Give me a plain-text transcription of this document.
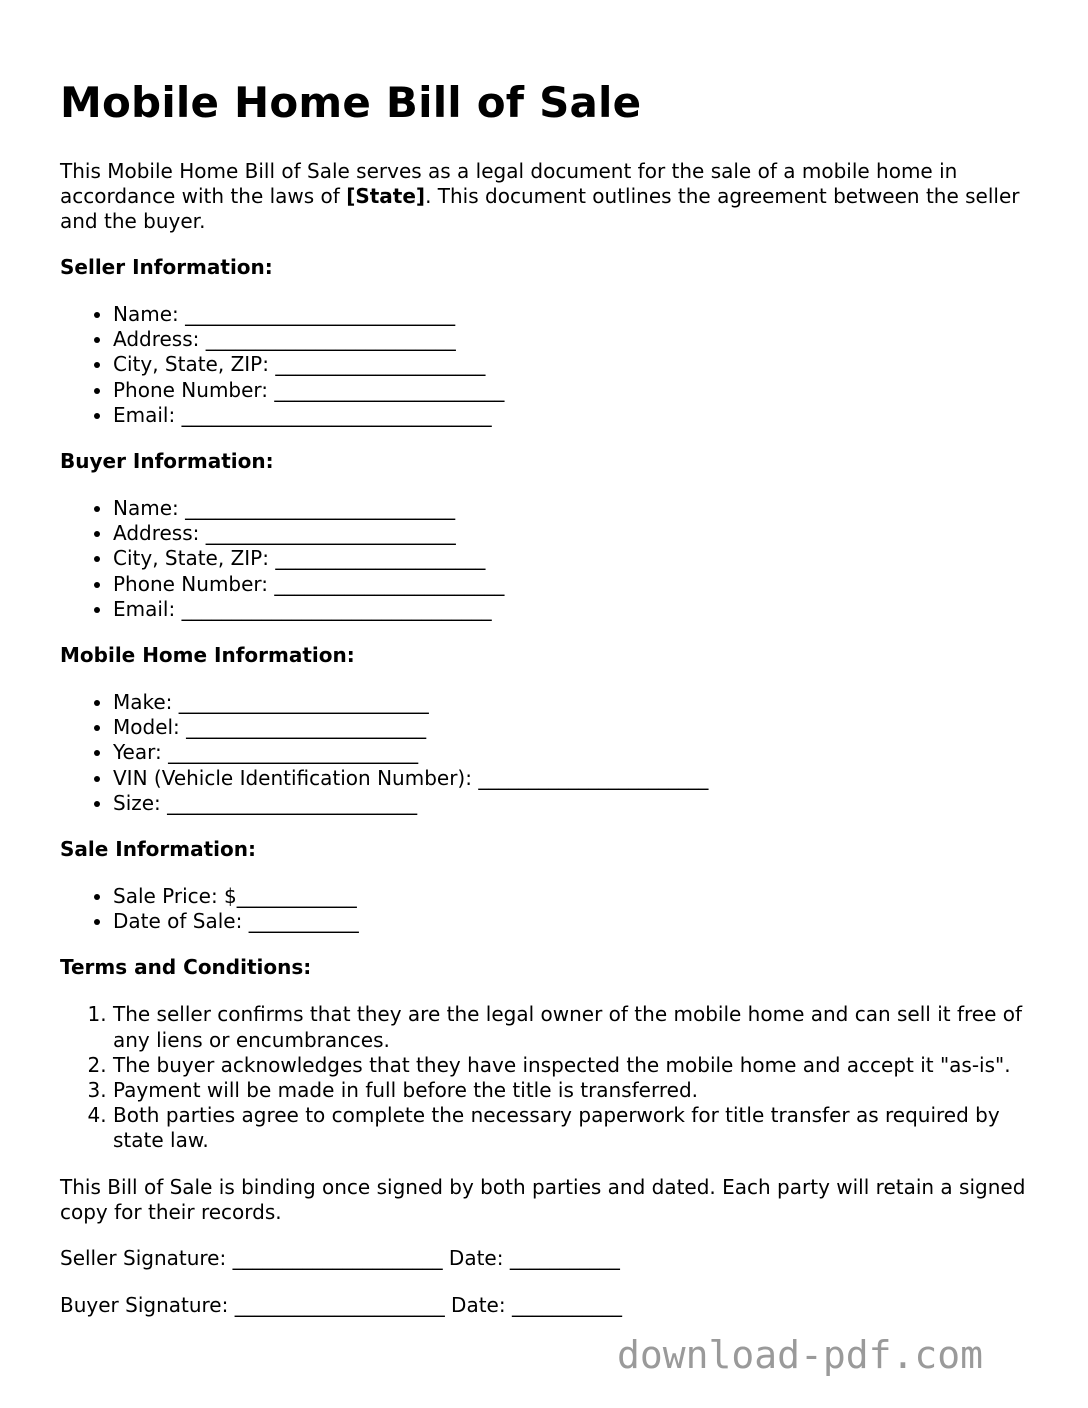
Mobile Home Bill of Sale

This Mobile Home Bill of Sale serves as a legal document for the sale of a mobile home in accordance with the laws of [State]. This document outlines the agreement between the seller and the buyer.

Seller Information:
• Name: ___________________________
• Address: _________________________
• City, State, ZIP: _____________________
• Phone Number: _______________________
• Email: _______________________________
Buyer Information:
• Name: ___________________________
• Address: _________________________
• City, State, ZIP: _____________________
• Phone Number: _______________________
• Email: _______________________________
Mobile Home Information:
• Make: _________________________
• Model: ________________________
• Year: _________________________
• VIN (Vehicle Identification Number): _______________________
• Size: _________________________
Sale Information:
• Sale Price: $____________
• Date of Sale: ___________
Terms and Conditions:
1. The seller confirms that they are the legal owner of the mobile home and can sell it free of any liens or encumbrances.
2. The buyer acknowledges that they have inspected the mobile home and accept it "as-is".
3. Payment will be made in full before the title is transferred.
4. Both parties agree to complete the necessary paperwork for title transfer as required by state law.

This Bill of Sale is binding once signed by both parties and dated. Each party will retain a signed copy for their records.

Seller Signature: _____________________ Date: ___________

Buyer Signature: _____________________ Date: ___________

download-pdf.com
